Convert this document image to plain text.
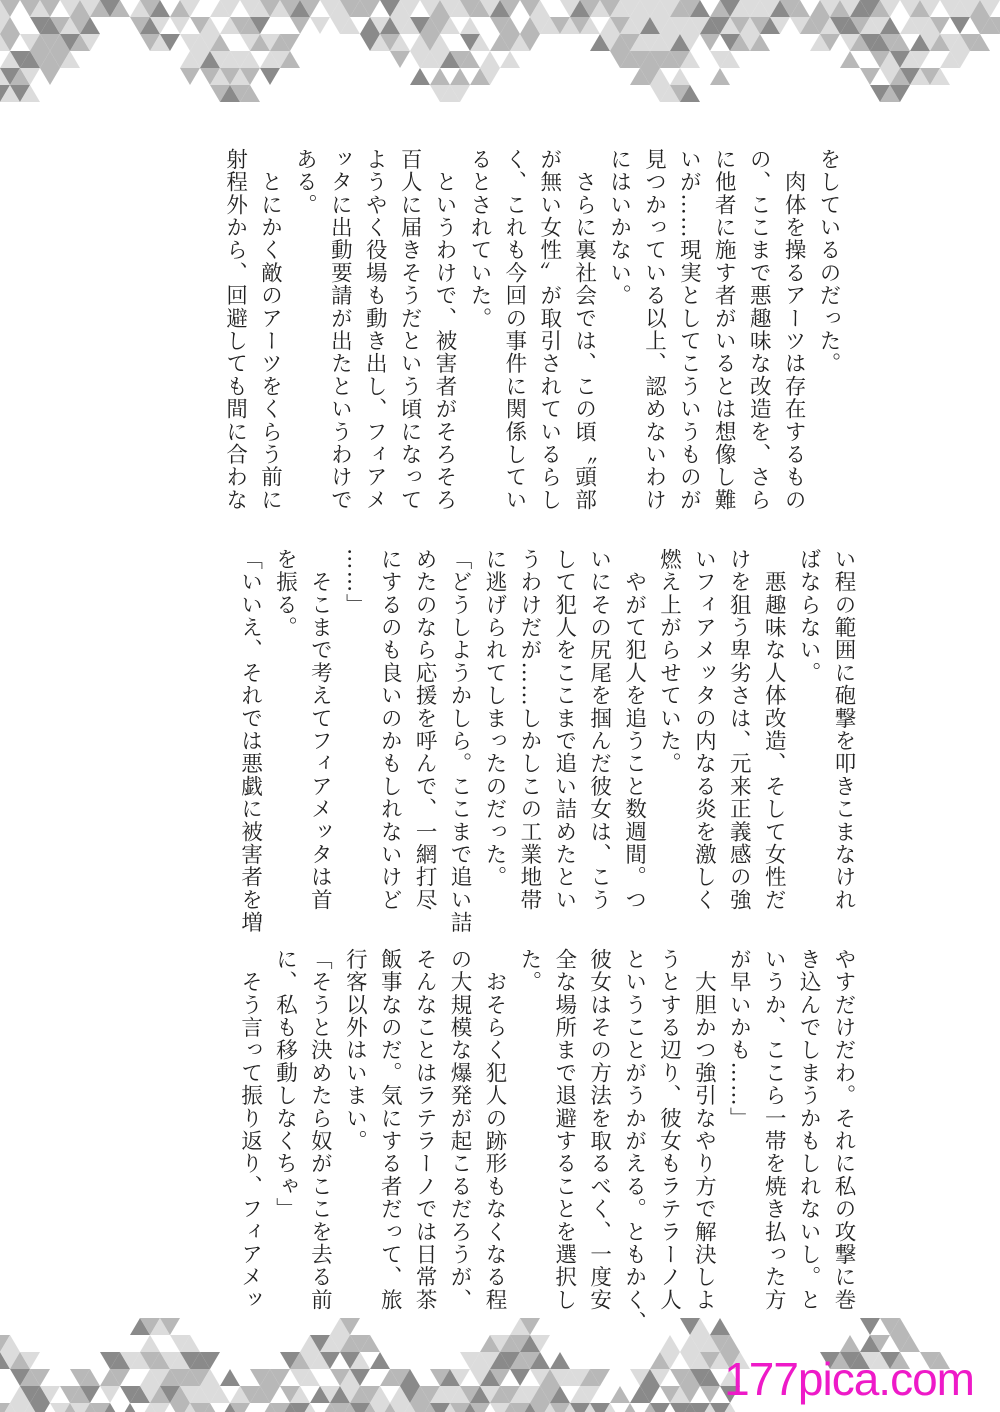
をしているのだった。
　肉体を操るアーツは存在するもの
の、ここまで悪趣味な改造を、さら
に他者に施す者がいるとは想像し難
いが……現実としてこういうものが
見つかっている以上、認めないわけ
にはいかない。
　さらに裏社会では、この頃〝頭部
が無い女性〟が取引されているらし
く、これも今回の事件に関係してい
るとされていた。
　というわけで、被害者がそろそろ
百人に届きそうだという頃になって
ようやく役場も動き出し、フィアメ
ッタに出動要請が出たというわけで
ある。
　とにかく敵のアーツをくらう前に
射程外から、回避しても間に合わな
い程の範囲に砲撃を叩きこまなけれ
ばならない。
　悪趣味な人体改造、そして女性だ
けを狙う卑劣さは、元来正義感の強
いフィアメッタの内なる炎を激しく
燃え上がらせていた。
　やがて犯人を追うこと数週間。つ
いにその尻尾を掴んだ彼女は、こう
して犯人をここまで追い詰めたとい
うわけだが……しかしこの工業地帯
に逃げられてしまったのだった。
「どうしようかしら。ここまで追い詰
めたのなら応援を呼んで、一網打尽
にするのも良いのかもしれないけど
……」
　そこまで考えてフィアメッタは首
を振る。
「いいえ、それでは悪戯に被害者を増
やすだけだわ。それに私の攻撃に巻
き込んでしまうかもしれないし。と
いうか、ここら一帯を焼き払った方
が早いかも……」
　大胆かつ強引なやり方で解決しよ
うとする辺り、彼女もラテラーノ人
ということがうかがえる。ともかく、
彼女はその方法を取るべく、一度安
全な場所まで退避することを選択し
た。
　おそらく犯人の跡形もなくなる程
の大規模な爆発が起こるだろうが、
そんなことはラテラーノでは日常茶
飯事なのだ。気にする者だって、旅
行客以外はいまい。
「そうと決めたら奴がここを去る前
に、私も移動しなくちゃ」
　そう言って振り返り、フィアメッ
177pica.com
